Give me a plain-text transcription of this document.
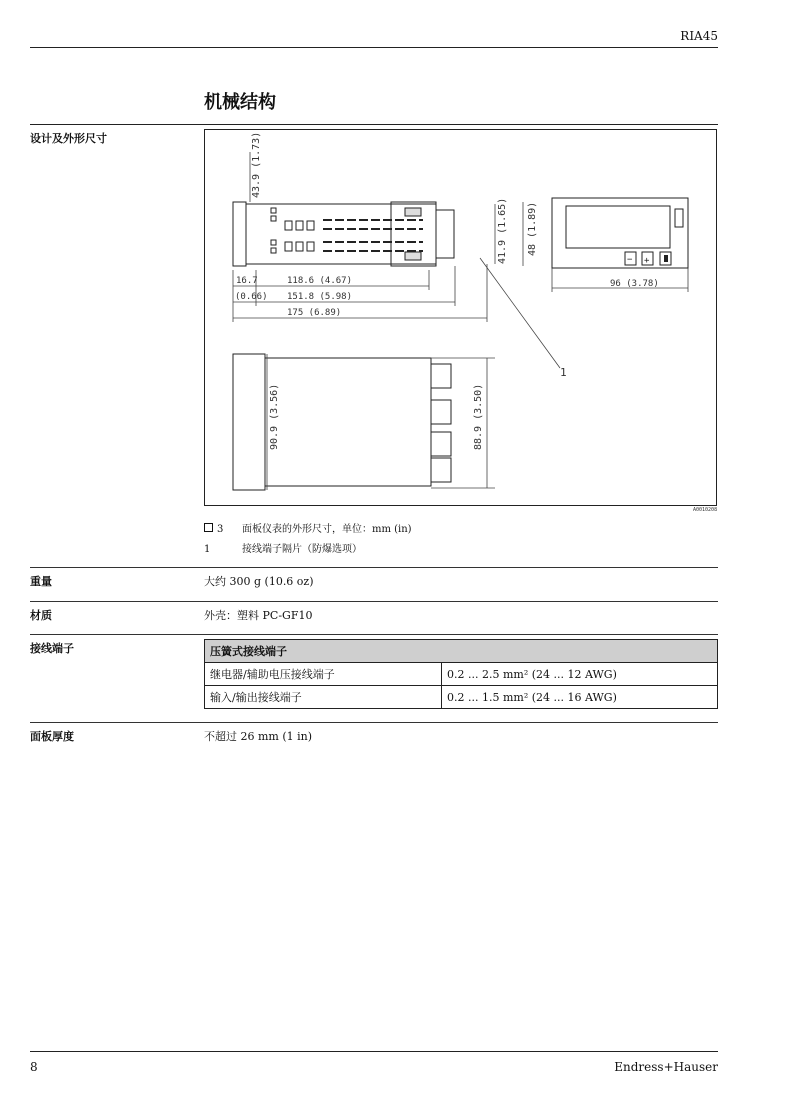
RIA45
机械结构
设计及外形尺寸
− +
43.9 (1.73)
41.9 (1.65) 48 (1.89)
90.9 (3.56)	88.9 (3.50)
16.7
(0.66)
118.6 (4.67)
151.8 (5.98)
175 (6.89)
96 (3.78)
1
A0010208
3 面板仪表的外形尺寸，单位：mm (in)
1	接线端子隔片（防爆选项）
重量	大约 300 g (10.6 oz)
材质	外壳：塑料 PC-GF10
接线端子	压簧式接线端子	
继电器/辅助电压接线端子	0.2 ... 2.5 mm² (24 ... 12 AWG)
输入/输出接线端子	0.2 ... 1.5 mm² (24 ... 16 AWG)
面板厚度	不超过 26 mm (1 in)
8	Endress+Hauser
